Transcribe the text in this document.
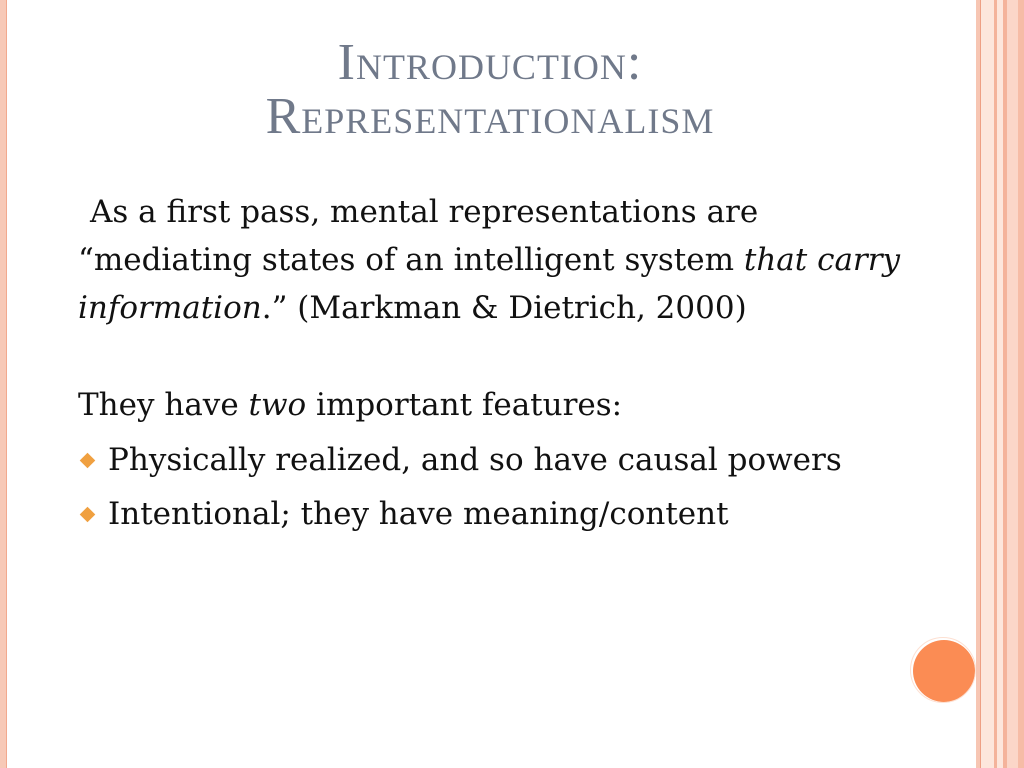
Introduction:
Representationalism

As a first pass, mental representations are “mediating states of an intelligent system that carry information.” (Markman & Dietrich, 2000)

They have two important features:

Physically realized, and so have causal powers
Intentional; they have meaning/content
